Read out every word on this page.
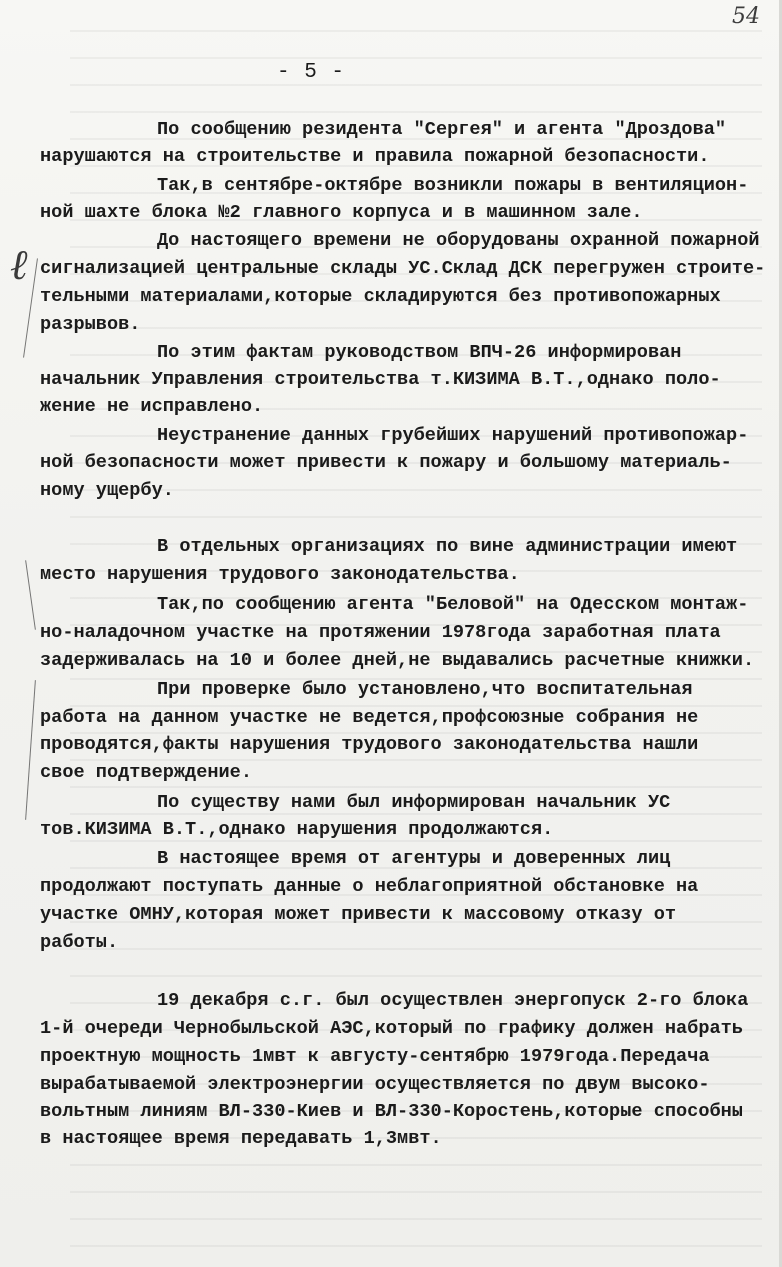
54
- 5 -
ℓ
По сообщению резидента "Сергея" и агента "Дроздова"
нарушаются на строительстве и правила пожарной безопасности.
Так,в сентябре-октябре возникли пожары в вентиляцион-
ной шахте блока №2 главного корпуса и в машинном зале.
До настоящего времени не оборудованы охранной пожарной
сигнализацией центральные склады УС.Склад ДСК перегружен строите-
тельными материалами,которые складируются без противопожарных
разрывов.
По этим фактам руководством ВПЧ-26 информирован
начальник Управления строительства т.КИЗИМА В.Т.,однако поло-
жение не исправлено.
Неустранение данных грубейших нарушений противопожар-
ной безопасности может привести к пожару и большому материаль-
ному ущербу.
В отдельных организациях по вине администрации имеют
место нарушения трудового законодательства.
Так,по сообщению агента "Беловой" на Одесском монтаж-
но-наладочном участке на протяжении 1978года заработная плата
задерживалась на 10 и более дней,не выдавались расчетные книжки.
При проверке было установлено,что воспитательная
работа на данном участке не ведется,профсоюзные собрания не
проводятся,факты нарушения трудового законодательства нашли
свое подтверждение.
По существу нами был информирован начальник УС
тов.КИЗИМА В.Т.,однако нарушения продолжаются.
В настоящее время от агентуры и доверенных лиц
продолжают поступать данные о неблагоприятной обстановке на
участке ОМНУ,которая может привести к массовому отказу от
работы.
19 декабря с.г. был осуществлен энергопуск 2-го блока
1-й очереди Чернобыльской АЭС,который по графику должен набрать
проектную мощность 1мвт к августу-сентябрю 1979года.Передача
вырабатываемой электроэнергии осуществляется по двум высоко-
вольтным линиям ВЛ-330-Киев и ВЛ-330-Коростень,которые способны
в настоящее время передавать 1,3мвт.
